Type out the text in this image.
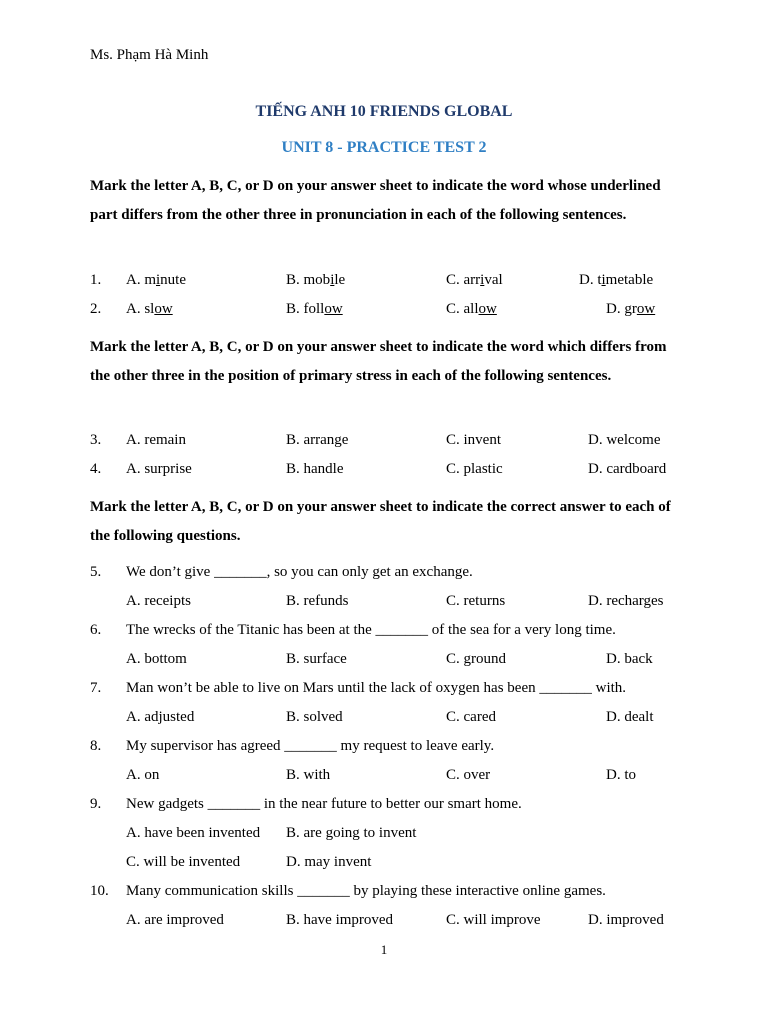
Ms. Phạm Hà Minh
TIẾNG ANH 10 FRIENDS GLOBAL
UNIT 8 - PRACTICE TEST 2
Mark the letter A, B, C, or D on your answer sheet to indicate the word whose underlined part differs from the other three in pronunciation in each of the following sentences.
1. A. minute	B. mobile	C. arrival	D. timetable
2. A. slow	B. follow	C. allow	D. grow
Mark the letter A, B, C, or D on your answer sheet to indicate the word which differs from the other three in the position of primary stress in each of the following sentences.
3. A. remain	B. arrange	C. invent	D. welcome
4. A. surprise	B. handle	C. plastic	D. cardboard
Mark the letter A, B, C, or D on your answer sheet to indicate the correct answer to each of the following questions.
5. We don’t give _______, so you can only get an exchange.
A. receipts	B. refunds	C. returns	D. recharges
6. The wrecks of the Titanic has been at the _______ of the sea for a very long time.
A. bottom	B. surface	C. ground	D. back
7. Man won’t be able to live on Mars until the lack of oxygen has been _______ with.
A. adjusted	B. solved	C. cared	D. dealt
8. My supervisor has agreed _______ my request to leave early.
A. on	B. with	C. over	D. to
9. New gadgets _______ in the near future to better our smart home.
A. have been invented B. are going to invent
C. will be invented	D. may invent
10. Many communication skills _______ by playing these interactive online games.
A. are improved	B. have improved	C. will improve	D. improved
1
